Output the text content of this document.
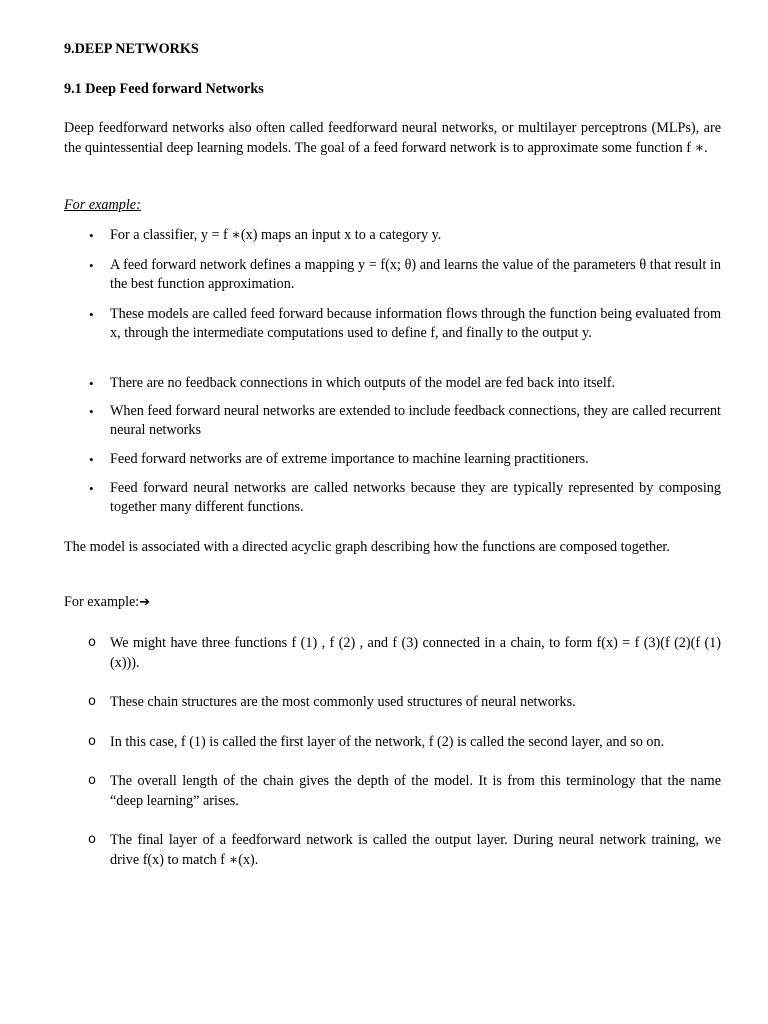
9.DEEP NETWORKS
9.1 Deep Feed forward Networks
Deep feedforward networks also often called feedforward neural networks, or multilayer perceptrons (MLPs), are the quintessential deep learning models. The goal of a feed forward network is to approximate some function f ∗.
For example:
• For a classifier, y = f ∗(x) maps an input x to a category y.
• A feed forward network defines a mapping y = f(x; θ) and learns the value of the parameters θ that result in the best function approximation.
• These models are called feed forward because information flows through the function being evaluated from x, through the intermediate computations used to define f, and finally to the output y.
• There are no feedback connections in which outputs of the model are fed back into itself.
• When feed forward neural networks are extended to include feedback connections, they are called recurrent neural networks
• Feed forward networks are of extreme importance to machine learning practitioners.
• Feed forward neural networks are called networks because they are typically represented by composing together many different functions.
The model is associated with a directed acyclic graph describing how the functions are composed together.
For example:➔
o We might have three functions f (1) , f (2) , and f (3) connected in a chain, to form f(x) = f (3)(f (2)(f (1)(x))).
o These chain structures are the most commonly used structures of neural networks.
o In this case, f (1) is called the first layer of the network, f (2) is called the second layer, and so on.
o The overall length of the chain gives the depth of the model. It is from this terminology that the name “deep learning” arises.
o The final layer of a feedforward network is called the output layer. During neural network training, we drive f(x) to match f ∗(x).
